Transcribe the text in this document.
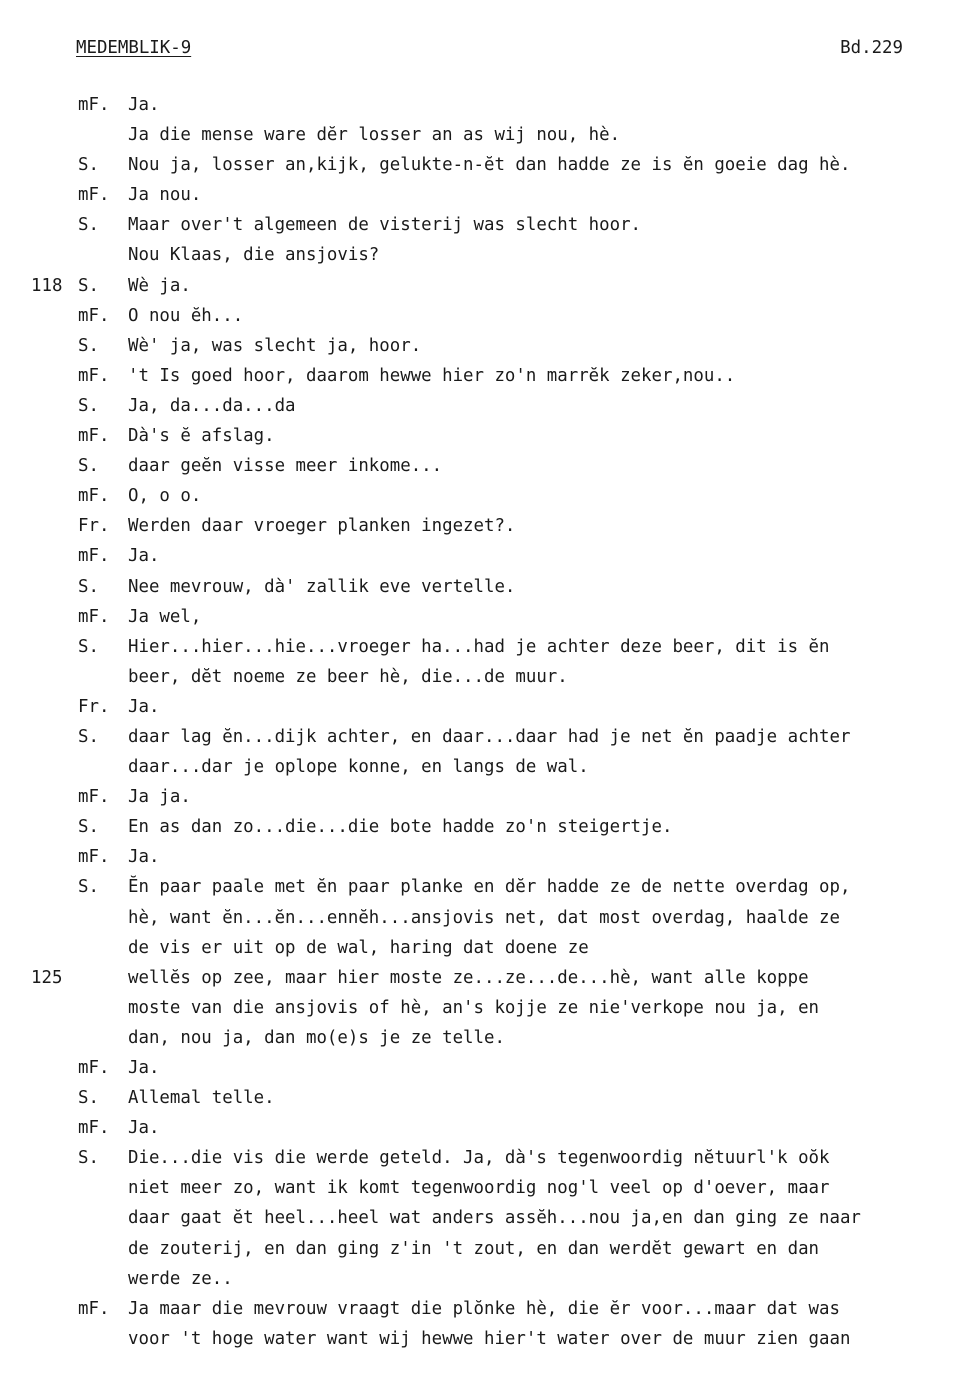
MEDEMBLIK-9	Bd.229
mF. Ja.
Ja die mense ware dĕr losser an as wij nou, hè.
S. Nou ja, losser an,kijk, gelukte-n-ĕt dan hadde ze is ĕn goeie dag hè.
mF. Ja nou.
S. Maar over't algemeen de visterij was slecht hoor.
Nou Klaas, die ansjovis?
118 S. Wè ja.
mF. O nou ĕh...
S. Wè' ja, was slecht ja, hoor.
mF. 't Is goed hoor, daarom hewwe hier zo'n marrĕk zeker,nou..
S. Ja, da...da...da
mF. Dà's ĕ afslag.
S. daar geĕn visse meer inkome...
mF. O, o o.
Fr. Werden daar vroeger planken ingezet?.
mF. Ja.
S. Nee mevrouw, dà' zallik eve vertelle.
mF. Ja wel,
S. Hier...hier...hie...vroeger ha...had je achter deze beer, dit is ĕn
beer, dĕt noeme ze beer hè, die...de muur.
Fr. Ja.
S. daar lag ĕn...dijk achter, en daar...daar had je net ĕn paadje achter
daar...dar je oplope konne, en langs de wal.
mF. Ja ja.
S. En as dan zo...die...die bote hadde zo'n steigertje.
mF. Ja.
S. Ĕn paar paale met ĕn paar planke en dĕr hadde ze de nette overdag op,
hè, want ĕn...ĕn...ennĕh...ansjovis net, dat most overdag, haalde ze
de vis er uit op de wal, haring dat doene ze
125	wellĕs op zee, maar hier moste ze...ze...de...hè, want alle koppe
moste van die ansjovis of hè, an's kojje ze nie'verkope nou ja, en
dan, nou ja, dan mo(e)s je ze telle.
mF. Ja.
S. Allemal telle.
mF. Ja.
S. Die...die vis die werde geteld. Ja, dà's tegenwoordig nĕtuurl'k oŏk
niet meer zo, want ik komt tegenwoordig nog'l veel op d'oever, maar
daar gaat ĕt heel...heel wat anders assĕh...nou ja,en dan ging ze naar
de zouterij, en dan ging z'in 't zout, en dan werdĕt gewart en dan
werde ze..
mF. Ja maar die mevrouw vraagt die plŏnke hè, die ĕr voor...maar dat was
voor 't hoge water want wij hewwe hier't water over de muur zien gaan
